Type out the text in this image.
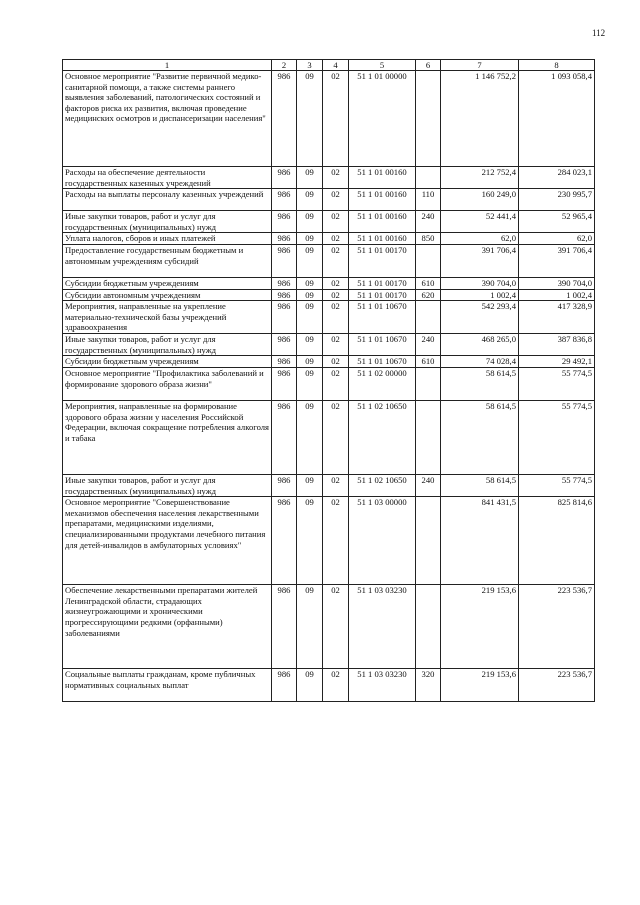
112
1	2	3	4	5	6	7	8
Основное мероприятие "Развитие первичной медико-санитарной помощи, а также системы раннего выявления заболеваний, патологических состояний и факторов риска их развития, включая проведение медицинских осмотров и диспансеризации населения"	986	09	02	51 1 01 00000		1 146 752,2	1 093 058,4
Расходы на обеспечение деятельности государственных казенных учреждений	986	09	02	51 1 01 00160		212 752,4	284 023,1
Расходы на выплаты персоналу казенных учреждений	986	09	02	51 1 01 00160	110	160 249,0	230 995,7
Иные закупки товаров, работ и услуг для государственных (муниципальных) нужд	986	09	02	51 1 01 00160	240	52 441,4	52 965,4
Уплата налогов, сборов и иных платежей	986	09	02	51 1 01 00160	850	62,0	62,0
Предоставление государственным бюджетным и автономным учреждениям субсидий	986	09	02	51 1 01 00170		391 706,4	391 706,4
Субсидии бюджетным учреждениям	986	09	02	51 1 01 00170	610	390 704,0	390 704,0
Субсидии автономным учреждениям	986	09	02	51 1 01 00170	620	1 002,4	1 002,4
Мероприятия, направленные на укрепление материально-технической базы учреждений здравоохранения	986	09	02	51 1 01 10670		542 293,4	417 328,9
Иные закупки товаров, работ и услуг для государственных (муниципальных) нужд	986	09	02	51 1 01 10670	240	468 265,0	387 836,8
Субсидии бюджетным учреждениям	986	09	02	51 1 01 10670	610	74 028,4	29 492,1
Основное мероприятие "Профилактика заболеваний и формирование здорового образа жизни"	986	09	02	51 1 02 00000		58 614,5	55 774,5
Мероприятия, направленные на формирование здорового образа жизни у населения Российской Федерации, включая сокращение потребления алкоголя и табака	986	09	02	51 1 02 10650		58 614,5	55 774,5
Иные закупки товаров, работ и услуг для государственных (муниципальных) нужд	986	09	02	51 1 02 10650	240	58 614,5	55 774,5
Основное мероприятие "Совершенствование механизмов обеспечения населения лекарственными препаратами, медицинскими изделиями, специализированными продуктами лечебного питания для детей-инвалидов в амбулаторных условиях"	986	09	02	51 1 03 00000		841 431,5	825 814,6
Обеспечение лекарственными препаратами жителей Ленинградской области, страдающих жизнеугрожающими и хроническими прогрессирующими редкими (орфанными) заболеваниями	986	09	02	51 1 03 03230		219 153,6	223 536,7
Социальные выплаты гражданам, кроме публичных нормативных социальных выплат	986	09	02	51 1 03 03230	320	219 153,6	223 536,7
